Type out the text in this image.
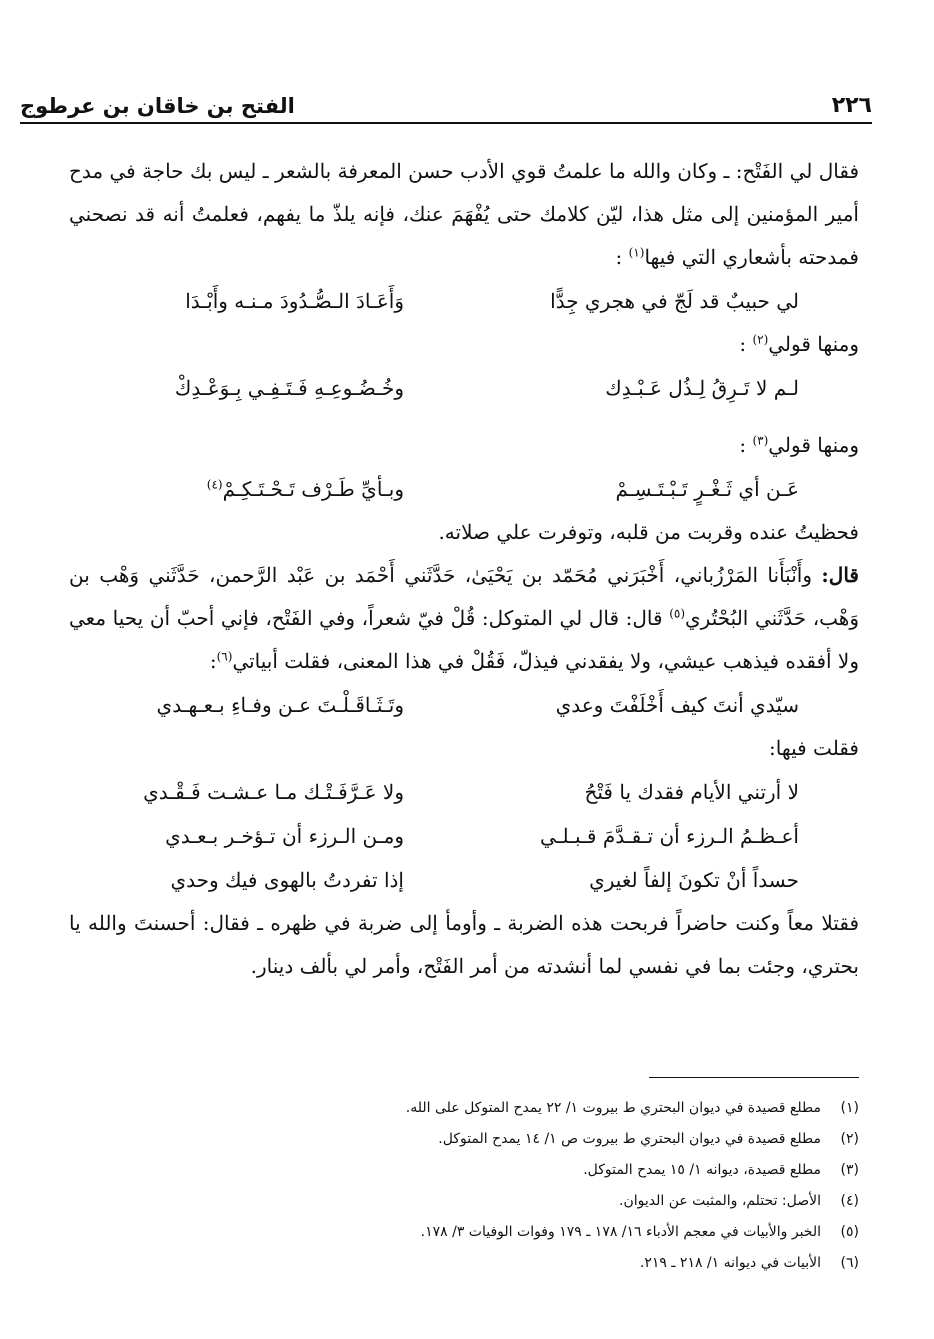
٢٢٦
الفتح بن خاقان بن عرطوج

فقال لي الفَتْح: ـ وكان والله ما علمتُ قوي الأدب حسن المعرفة بالشعر ـ ليس بك حاجة في مدح أمير المؤمنين إلى مثل هذا، ليّن كلامك حتى يُفْهَمَ عنك، فإنه يلذّ ما يفهم، فعلمتُ أنه قد نصحني فمدحته بأشعاري التي فيها$^{(١)}$ :

لي حبيبٌ قد لَجّ في هجري جِدًّا
وَأَعَـادَ الـصُّـدُودَ مـنـه وأَبْـدَا

ومنها قولي$^{(٢)}$ :

لـم لا تَـرِقُ لِـذُل عَـبْـدِك
وخُـضُـوعِـهِ فَـتَـفِـي بِـوَعْـدِكْ

ومنها قولي$^{(٣)}$ :

عَـن أي ثَـغْـرٍ تَـبْـتَـسِـمْ
وبـأيِّ طَـرْف تَـحْـتَـكِـمْ$^{(٤)}$

فحظيتُ عنده وقربت من قلبه، وتوفرت علي صلاته.

قال: وأَنْبَأَنا المَرْزُباني، أَخْبَرَني مُحَمّد بن يَحْيَىٰ، حَدَّثَني أَحْمَد بن عَبْد الرَّحمن، حَدَّثَني وَهْب بن وَهْب، حَدَّثَني البُحْتُري$^{(٥)}$ قال: قال لي المتوكل: قُلْ فيّ شعراً، وفي الفَتْح، فإني أحبّ أن يحيا معي ولا أفقده فيذهب عيشي، ولا يفقدني فيذلّ، فَقُلْ في هذا المعنى، فقلت أبياتي$^{(٦)}$:

سيّدي أنتَ كيف أَخْلَفْتَ وعدي
وتَـثَـاقَـلْـتَ عـن وفـاءِ بـعـهـدي

فقلت فيها:

لا أرتني الأيام فقدك يا فَتْحُ
ولا عَـرَّفَـتْـك مـا عـشـت فَـقْـدي
أعـظـمُ الـرزء أن تـقـدَّمَ قـبـلـي
ومـن الـرزء أن تـؤخـر بـعـدي
حسداً أنْ تكونَ إلفاً لغيري
إذا تفردتُ بالهوى فيك وحدي

فقتلا معاً وكنت حاضراً فربحت هذه الضربة ـ وأومأ إلى ضربة في ظهره ـ فقال: أحسنتَ والله يا بحتري، وجئت بما في نفسي لما أنشدته من أمر الفَتْح، وأمر لي بألف دينار.

(١)
مطلع قصيدة في ديوان البحتري ط بيروت ١/ ٢٢ يمدح المتوكل على الله.
(٢)
مطلع قصيدة في ديوان البحتري ط بيروت ص ١/ ١٤ يمدح المتوكل.
(٣)
مطلع قصيدة، ديوانه ١/ ١٥ يمدح المتوكل.
(٤)
الأصل: تحتلم، والمثبت عن الديوان.
(٥)
الخبر والأبيات في معجم الأدباء ١٦/ ١٧٨ ـ ١٧٩ وفوات الوفيات ٣/ ١٧٨.
(٦)
الأبيات في ديوانه ١/ ٢١٨ ـ ٢١٩.
